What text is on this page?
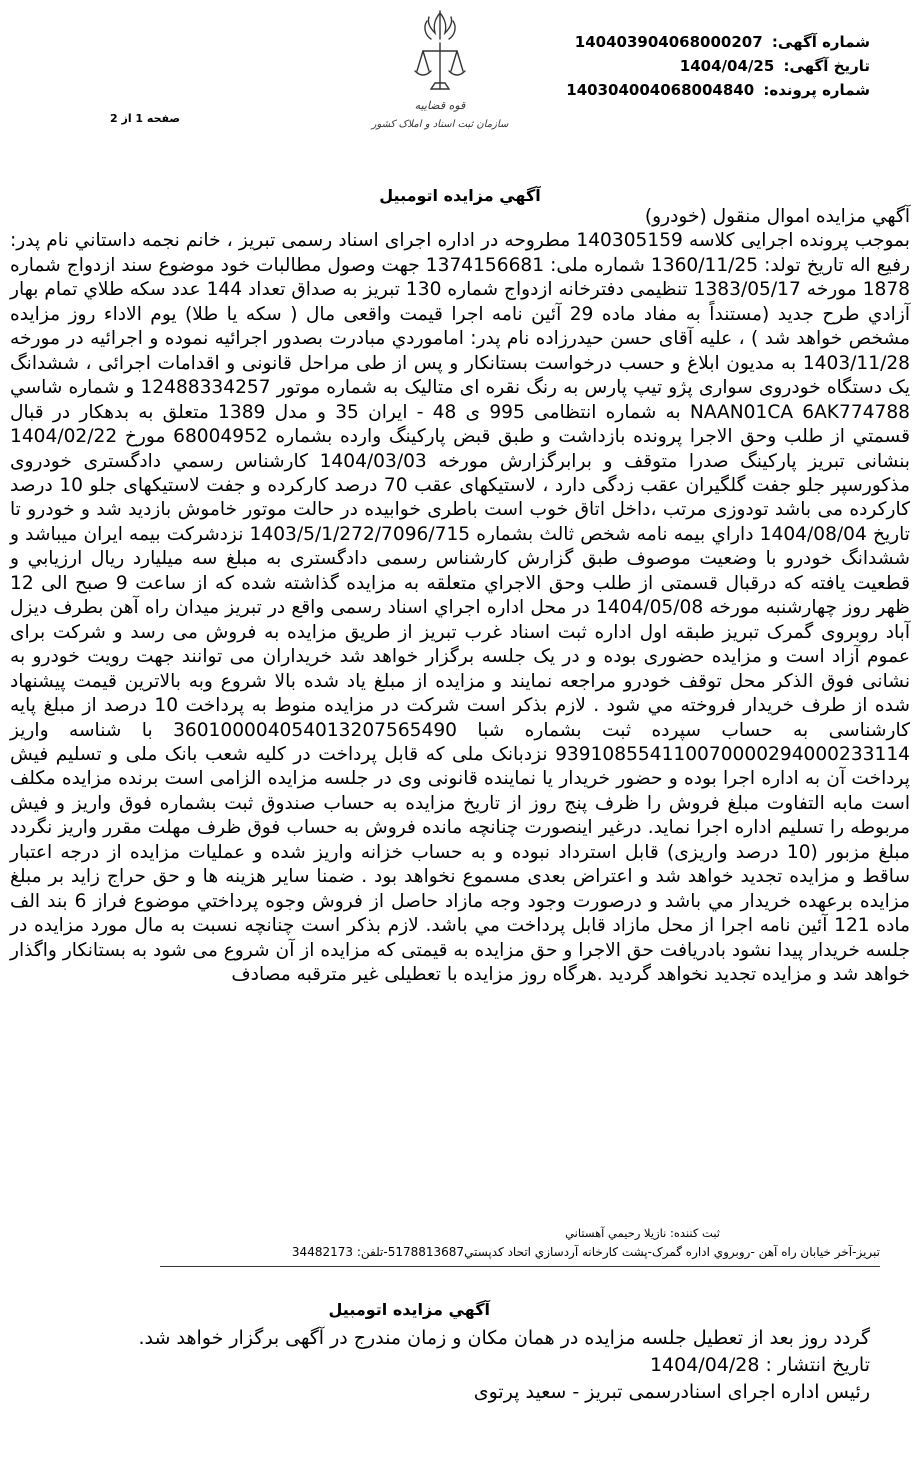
شماره آگهی: 140403904068000207
تاریخ آگهی: 1404/04/25
شماره پرونده: 140304004068004840
قوه قضاییه
سازمان ثبت اسناد و املاک کشور
صفحه 1 از 2
آگهي مزايده اتومبيل
آگهي مزايده اموال منقول (خودرو)
بموجب پرونده اجرایی کلاسه 140305159 مطروحه در اداره اجرای اسناد رسمی تبریز ، خانم نجمه داستاني نام پدر: رفیع اله تاریخ تولد: 1360/11/25 شماره ملی: 1374156681 جهت وصول مطالبات خود موضوع سند ازدواج شماره 1878 مورخه 1383/05/17 تنظیمی دفترخانه ازدواج شماره 130 تبریز به صداق تعداد 144 عدد سکه طلاي تمام بهار آزادي طرح جدید (مستنداً به مفاد ماده 29 آئین نامه اجرا قیمت واقعی مال ( سکه یا طلا) یوم الاداء روز مزایده مشخص خواهد شد ) ، علیه آقای حسن حیدرزاده نام پدر: اماموردي مبادرت بصدور اجرائیه نموده و اجرائیه در مورخه 1403/11/28 به مدیون ابلاغ و حسب درخواست بستانکار و پس از طی مراحل قانونی و اقدامات اجرائی ، ششدانگ یک دستگاه خودروی سواری پژو تیپ پارس به رنگ نقره ای متالیک به شماره موتور 12488334257 و شماره شاسي NAAN01CA 6AK774788 به شماره انتظامی 995 ی 48 - ایران 35 و مدل 1389 متعلق به بدهکار در قبال قسمتي از طلب وحق الاجرا پرونده بازداشت و طبق قبض پارکینگ وارده بشماره 68004952 مورخ 1404/02/22 بنشانی تبریز پارکینگ صدرا متوقف و برابرگزارش مورخه 1404/03/03 کارشناس رسمي دادگستری خودروی مذکورسپر جلو جفت گلگیران عقب زدگی دارد ، لاستیکهای عقب 70 درصد کارکرده و جفت لاستیکهای جلو 10 درصد کارکرده می باشد تودوزی مرتب ،داخل اتاق خوب است باطری خوابیده در حالت موتور خاموش بازدید شد و خودرو تا تاریخ 1404/08/04 داراي بیمه نامه شخص ثالث بشماره 1403/5/1/272/7096/715 نزدشرکت بیمه ایران میباشد و ششدانگ خودرو با وضعیت موصوف طبق گزارش کارشناس رسمی دادگستری به مبلغ سه میلیارد ریال ارزیابي و قطعیت یافته که درقبال قسمتی از طلب وحق الاجراي متعلقه به مزایده گذاشته شده که از ساعت 9 صبح الی 12 ظهر روز چهارشنبه مورخه 1404/05/08 در محل اداره اجراي اسناد رسمی واقع در تبریز میدان راه آهن بطرف دیزل آباد روبروی گمرک تبریز طبقه اول اداره ثبت اسناد غرب تبریز از طریق مزایده به فروش می رسد و شرکت برای عموم آزاد است و مزایده حضوری بوده و در یک جلسه برگزار خواهد شد خریداران می توانند جهت رویت خودرو به نشانی فوق الذکر محل توقف خودرو مراجعه نمایند و مزایده از مبلغ یاد شده بالا شروع وبه بالاترین قیمت پیشنهاد شده از طرف خریدار فروخته مي شود . لازم بذکر است شرکت در مزایده منوط به پرداخت 10 درصد از مبلغ پایه کارشناسی به حساب سپرده ثبت بشماره شبا 360100004054013207565490 با شناسه واریز 939108554110070000294000233114 نزدبانک ملی که قابل پرداخت در کلیه شعب بانک ملی و تسلیم فیش پرداخت آن به اداره اجرا بوده و حضور خریدار یا نماینده قانونی وی در جلسه مزایده الزامی است برنده مزایده مکلف است مابه التفاوت مبلغ فروش را ظرف پنج روز از تاریخ مزایده به حساب صندوق ثبت بشماره فوق واریز و فیش مربوطه را تسلیم اداره اجرا نماید. درغیر اینصورت چنانچه مانده فروش به حساب فوق ظرف مهلت مقرر واریز نگردد مبلغ مزبور (10 درصد واریزی) قابل استرداد نبوده و به حساب خزانه واریز شده و عملیات مزایده از درجه اعتبار ساقط و مزایده تجدید خواهد شد و اعتراض بعدی مسموع نخواهد بود . ضمنا سایر هزینه ها و حق حراج زاید بر مبلغ مزایده برعهده خریدار مي باشد و درصورت وجود وجه مازاد حاصل از فروش وجوه پرداختي موضوع فراز 6 بند الف ماده 121 آئین نامه اجرا از محل مازاد قابل پرداخت مي باشد. لازم بذکر است چنانچه نسبت به مال مورد مزایده در جلسه خریدار پیدا نشود بادریافت حق الاجرا و حق مزایده به قیمتی که مزایده از آن شروع می شود به بستانکار واگذار خواهد شد و مزایده تجدید نخواهد گردید .هرگاه روز مزایده با تعطیلی غیر مترقبه مصادف
ثبت کننده: نازيلا رحيمي آهستاني
تبريز-آخر خيابان راه آهن -روبروي اداره گمرک-پشت کارخانه آردسازي اتحاد کدپستي5178813687-تلفن: 34482173
آگهي مزايده اتومبيل
گردد روز بعد از تعطیل جلسه مزایده در همان مکان و زمان مندرج در آگهی برگزار خواهد شد.
تاریخ انتشار : 1404/04/28
رئیس اداره اجرای اسنادرسمی تبریز - سعید پرتوی
